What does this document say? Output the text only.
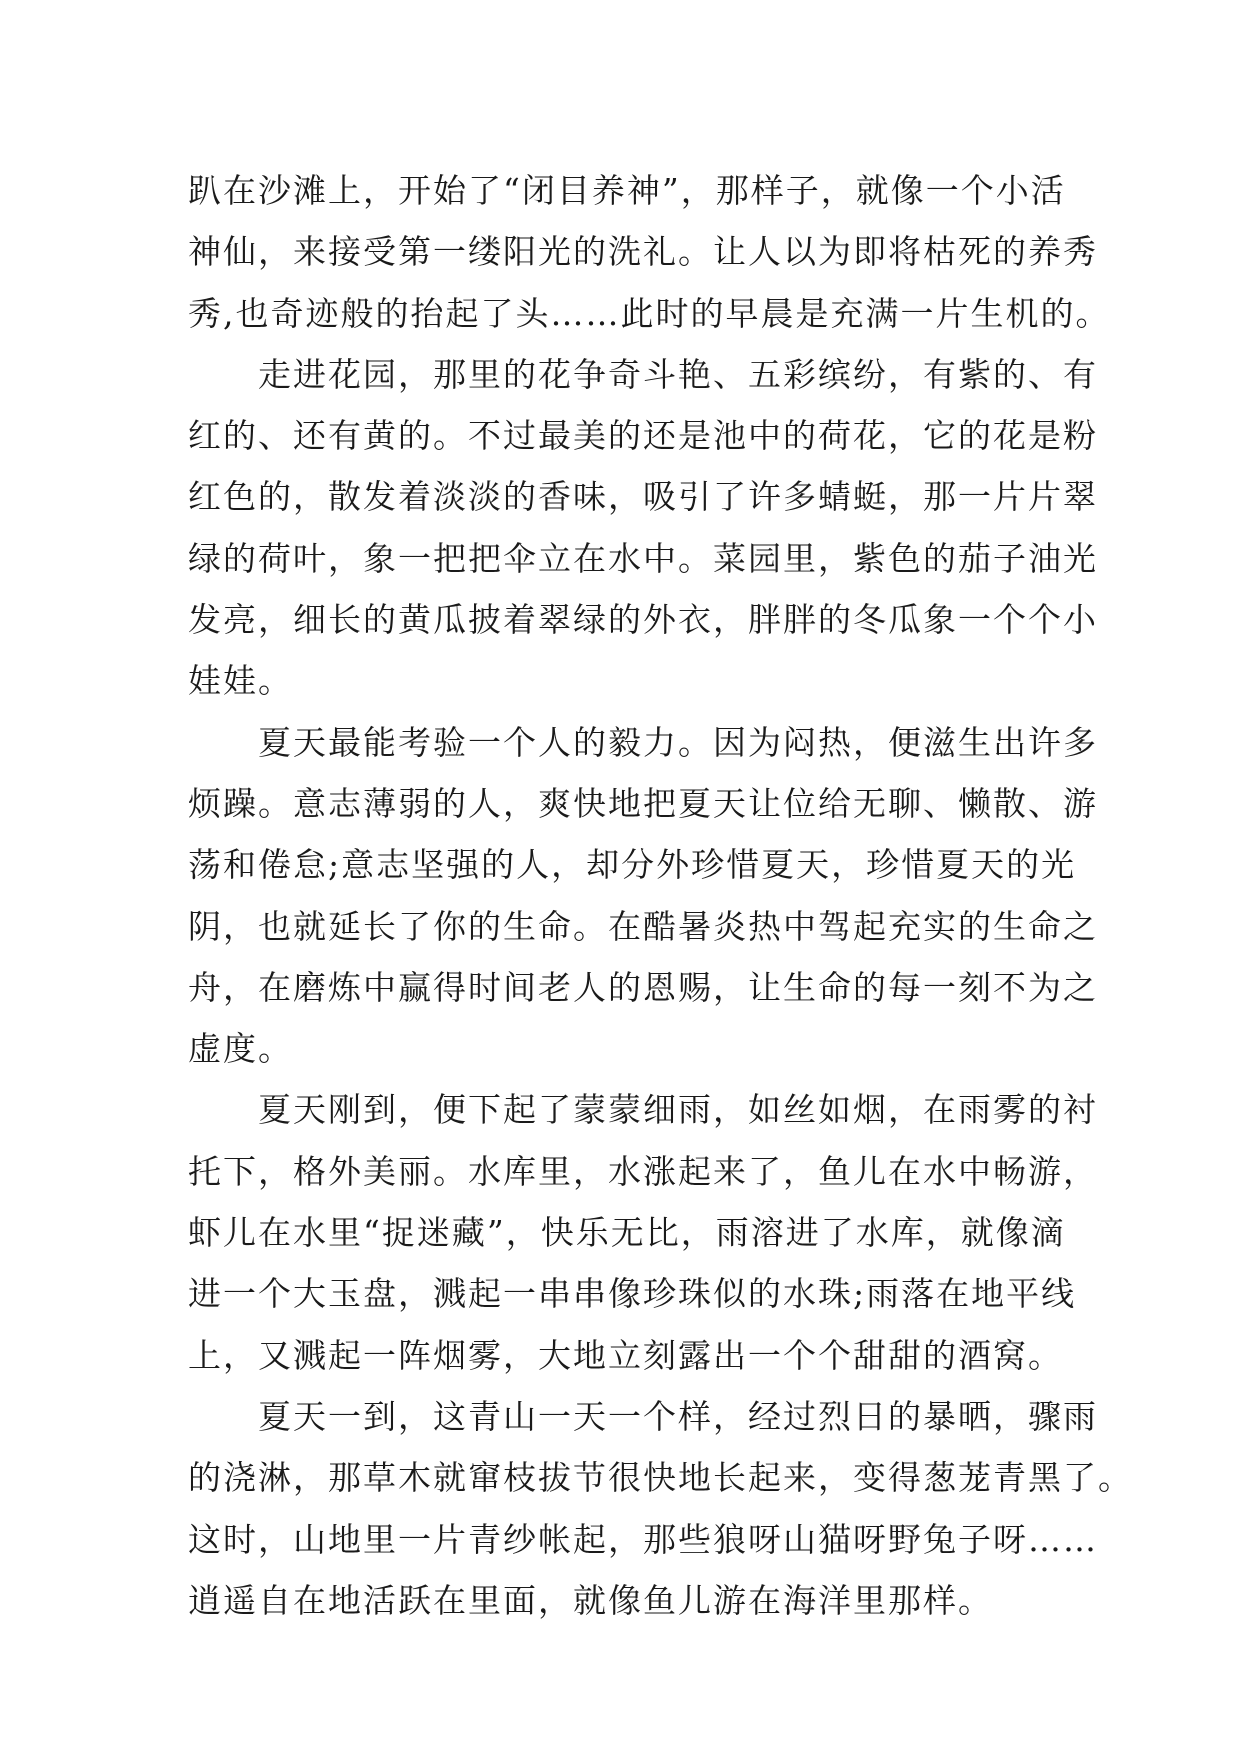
趴在沙滩上，开始了“闭目养神”，那样子，就像一个小活
神仙，来接受第一缕阳光的洗礼。让人以为即将枯死的养秀
秀,也奇迹般的抬起了头……此时的早晨是充满一片生机的。
走进花园，那里的花争奇斗艳、五彩缤纷，有紫的、有
红的、还有黄的。不过最美的还是池中的荷花，它的花是粉
红色的，散发着淡淡的香味，吸引了许多蜻蜓，那一片片翠
绿的荷叶，象一把把伞立在水中。菜园里，紫色的茄子油光
发亮，细长的黄瓜披着翠绿的外衣，胖胖的冬瓜象一个个小
娃娃。
夏天最能考验一个人的毅力。因为闷热，便滋生出许多
烦躁。意志薄弱的人，爽快地把夏天让位给无聊、懒散、游
荡和倦怠;意志坚强的人，却分外珍惜夏天，珍惜夏天的光
阴，也就延长了你的生命。在酷暑炎热中驾起充实的生命之
舟，在磨炼中赢得时间老人的恩赐，让生命的每一刻不为之
虚度。
夏天刚到，便下起了蒙蒙细雨，如丝如烟，在雨雾的衬
托下，格外美丽。水库里，水涨起来了，鱼儿在水中畅游，
虾儿在水里“捉迷藏”，快乐无比，雨溶进了水库，就像滴
进一个大玉盘，溅起一串串像珍珠似的水珠;雨落在地平线
上，又溅起一阵烟雾，大地立刻露出一个个甜甜的酒窝。
夏天一到，这青山一天一个样，经过烈日的暴晒，骤雨
的浇淋，那草木就窜枝拔节很快地长起来，变得葱茏青黑了。
这时，山地里一片青纱帐起，那些狼呀山猫呀野兔子呀……
逍遥自在地活跃在里面，就像鱼儿游在海洋里那样。
